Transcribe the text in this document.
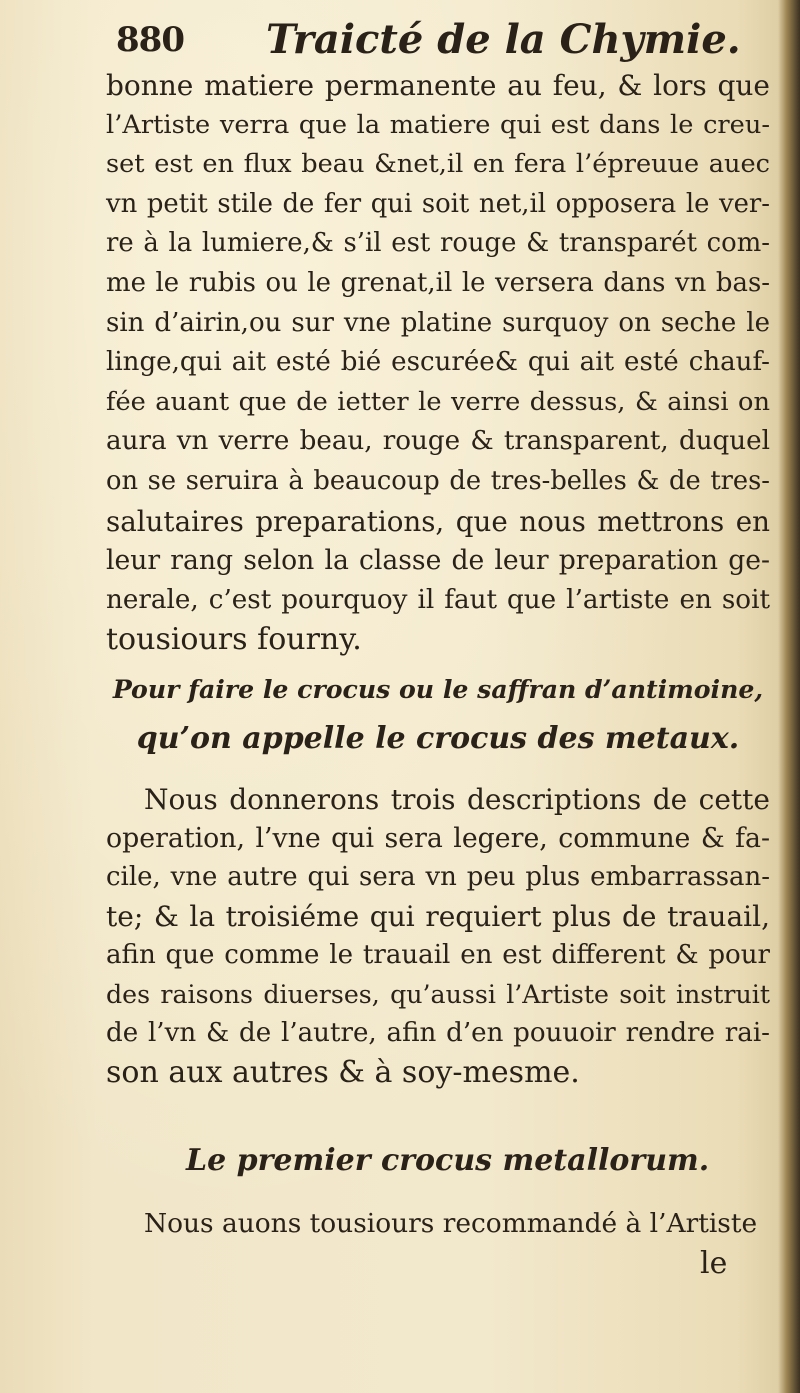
880 Traicté de la Chymie.
bonne matiere permanente au feu, & lors que
l’Artiste verra que la matiere qui est dans le creu-
set est en flux beau &net,il en fera l’épreuue auec
vn petit stile de fer qui soit net,il opposera le ver-
re à la lumiere,& s’il est rouge & transparét com-
me le rubis ou le grenat,il le versera dans vn bas-
sin d’airin,ou sur vne platine surquoy on seche le
linge,qui ait esté bié escurée& qui ait esté chauf-
fée auant que de ietter le verre dessus, & ainsi on
aura vn verre beau, rouge & transparent, duquel
on se seruira à beaucoup de tres-belles & de tres-
salutaires preparations, que nous mettrons en
leur rang selon la classe de leur preparation ge-
nerale, c’est pourquoy il faut que l’artiste en soit
tousiours fourny.
Pour faire le crocus ou le saffran d’antimoine,
qu’on appelle le crocus des metaux.
Nous donnerons trois descriptions de cette
operation, l’vne qui sera legere, commune & fa-
cile, vne autre qui sera vn peu plus embarrassan-
te; & la troisiéme qui requiert plus de trauail,
afin que comme le trauail en est different & pour
des raisons diuerses, qu’aussi l’Artiste soit instruit
de l’vn & de l’autre, afin d’en pouuoir rendre rai-
son aux autres & à soy-mesme.
Le premier crocus metallorum.
Nous auons tousiours recommandé à l’Artiste
le
